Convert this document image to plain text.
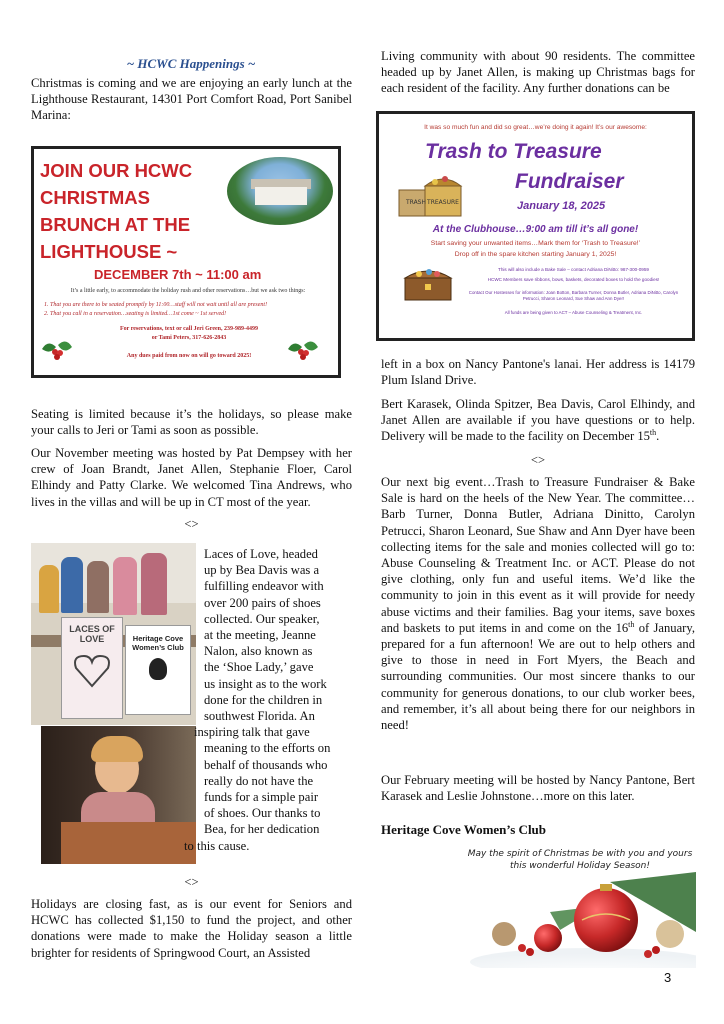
~ HCWC Happenings ~

Christmas is coming and we are enjoying an early lunch at the Lighthouse Restaurant, 14301 Port Comfort Road, Port Sanibel Marina:

JOIN OUR HCWC
CHRISTMAS
BRUNCH AT THE
LIGHTHOUSE ~
DECEMBER 7th ~ 11:00 am
It’s a little early, to accommodate the holiday rush and other reservations…but we ask two things:
1. That you are there to be seated promptly by 11:00…staff will not wait until all are present!
2. That you call in a reservation…seating is limited…1st come ~ 1st served!
For reservations, text or call Jeri Green, 239-989-4499
or Tami Peters, 317-626-2843
Any dues paid from now on will go toward 2025!

Seating is limited because it’s the holidays, so please make your calls to Jeri or Tami as soon as possible.

Our November meeting was hosted by Pat Dempsey with her crew of Joan Brandt, Janet Allen, Stephanie Floer, Carol Elhindy and Patty Clarke. We welcomed Tina Andrews, who lives in the villas and will be up in CT most of the year.

<>
LACES OF LOVE	Heritage Cove Women’s Club
Laces of Love, headed
up by Bea Davis was a
fulfilling endeavor with
over 200 pairs of shoes
collected. Our speaker,
at the meeting, Jeanne
Nalon, also known as
the ‘Shoe Lady,’ gave
us insight as to the work
done for the children in
southwest Florida. An
inspiring talk that gave
meaning to the efforts on
behalf of thousands who
really do not have the
funds for a simple pair
of shoes. Our thanks to
Bea, for her dedication
to this cause.
<>

Holidays are closing fast, as is our event for Seniors and HCWC has collected $1,150 to fund the project, and other donations were made to make the Holiday season a little brighter for residents of Springwood Court, an Assisted

Living community with about 90 residents. The committee headed up by Janet Allen, is making up Christmas bags for each resident of the facility. Any further donations can be

It was so much fun and did so great…we’re doing it again! It’s our awesome:
Trash to Treasure
Fundraiser
January 18, 2025
TRASH TREASURE
At the Clubhouse…9:00 am till it’s all gone!
Start saving your unwanted items…Mark them for ‘Trash to Treasure!’
Drop off in the spare kitchen starting January 1, 2025!
This will also include a Bake Sale – contact Adriana DiNitto: 987-300-0959
HCWC Members save ribbons, bows, baskets, decorated boxes to hold the goodies!
Contact Our Hostesses for information: Joan Botton, Barbara Turner, Donna Butler, Adriana DiNitto, Carolyn Petrucci, Sharon Leonard, Sue Shaw and Ann Dyer!
All funds are being given to ACT – Abuse Counseling & Treatment, Inc.

left in a box on Nancy Pantone's lanai. Her address is 14179 Plum Island Drive.

Bert Karasek, Olinda Spitzer, Bea Davis, Carol Elhindy, and Janet Allen are available if you have questions or to help. Delivery will be made to the facility on December 15th.

<>

Our next big event…Trash to Treasure Fundraiser & Bake Sale is hard on the heels of the New Year. The committee…Barb Turner, Donna Butler, Adriana Dinitto, Carolyn Petrucci, Sharon Leonard, Sue Shaw and Ann Dyer have been collecting items for the sale and monies collected will go to: Abuse Counseling & Treatment Inc. or ACT. Please do not give clothing, only fun and useful items. We’d like the community to join in this event as it will provide for needy abuse victims and their families. Bag your items, save boxes and baskets to put items in and come on the 16th of January, prepared for a fun afternoon! We are out to help others and give to those in need in Fort Myers, the Beach and surrounding communities. Our most sincere thanks to our community for generous donations, to our club worker bees, and remember, it’s all about being there for our neighbors in need!

Our February meeting will be hosted by Nancy Pantone, Bert Karasek and Leslie Johnstone…more on this later.

Heritage Cove Women’s Club
May the spirit of Christmas be with you and yours
this wonderful Holiday Season!
3
